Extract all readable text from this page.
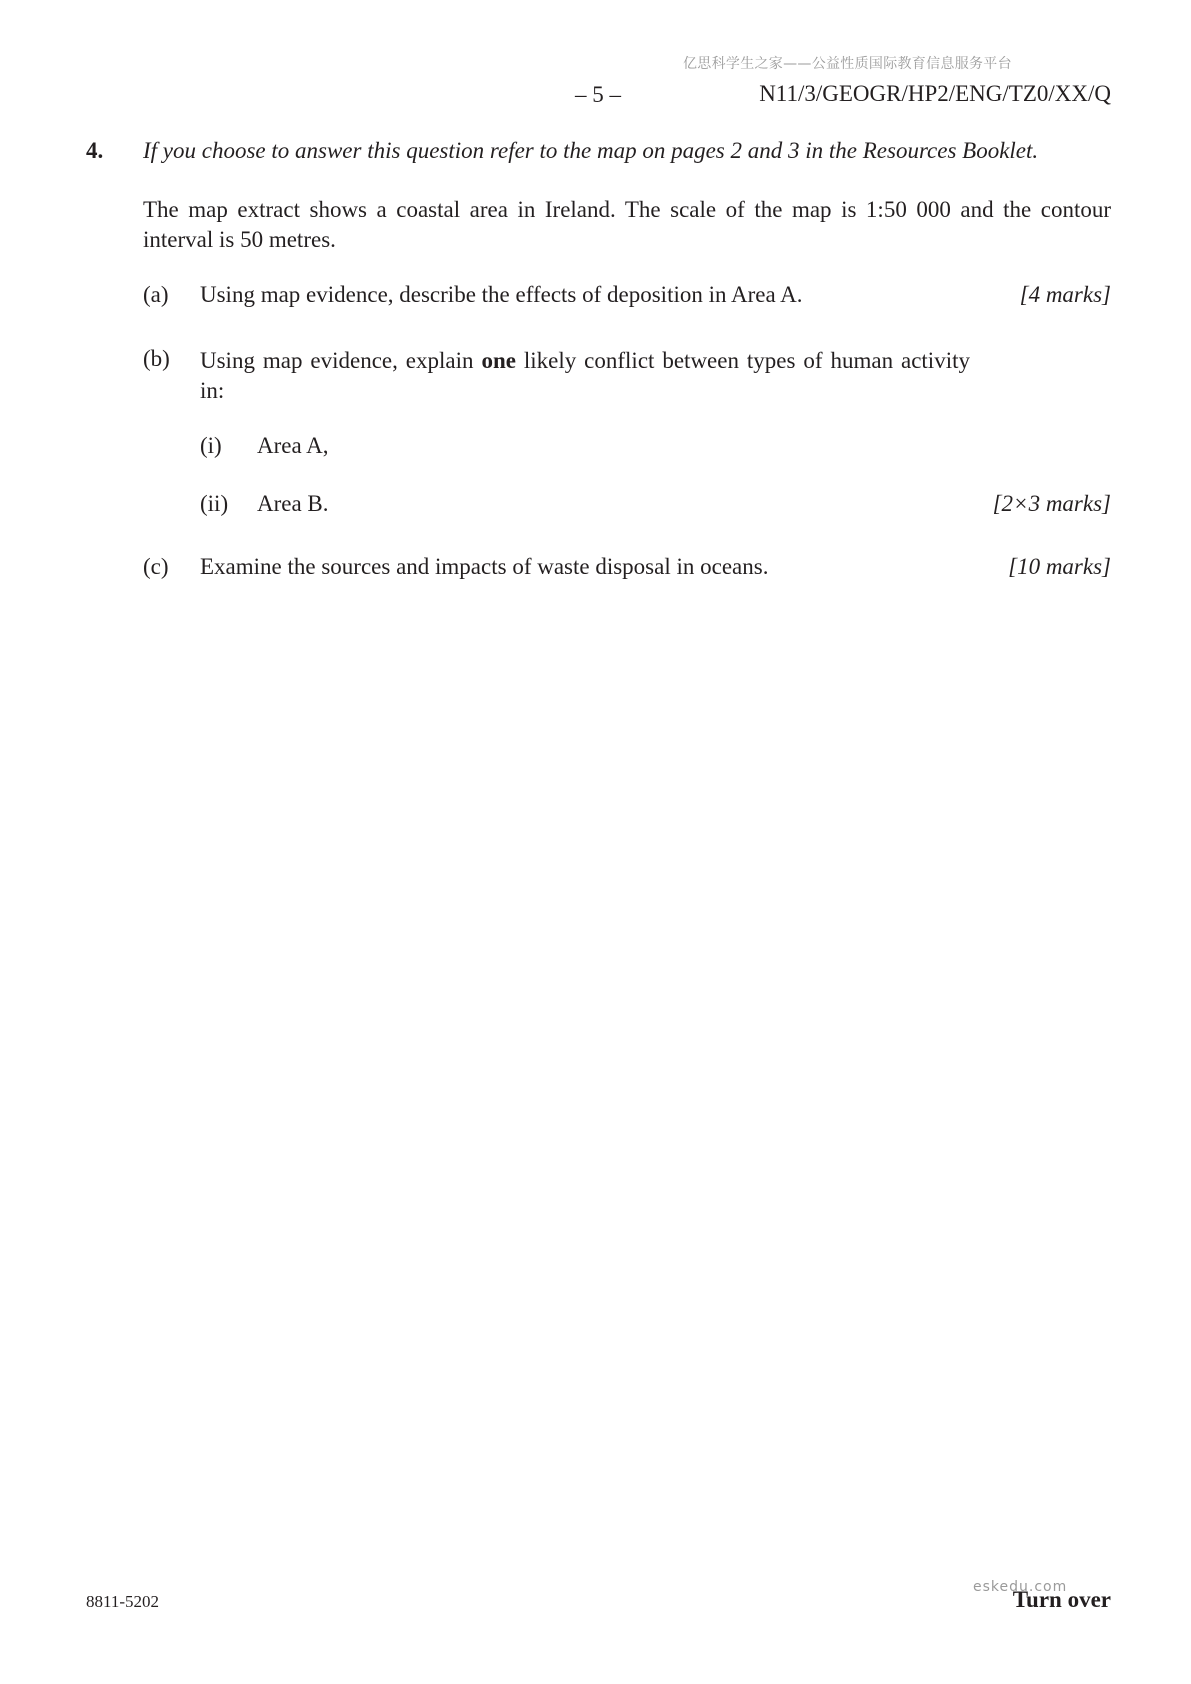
亿思科学生之家——公益性质国际教育信息服务平台
– 5 –	N11/3/GEOGR/HP2/ENG/TZ0/XX/Q
4. If you choose to answer this question refer to the map on pages 2 and 3 in the Resources Booklet.
The map extract shows a coastal area in Ireland. The scale of the map is 1:50 000 and the contour interval is 50 metres.
(a) Using map evidence, describe the effects of deposition in Area A.	[4 marks]
(b) Using map evidence, explain one likely conflict between types of human activity in:
(i) Area A,
(ii) Area B.	[2×3 marks]
(c) Examine the sources and impacts of waste disposal in oceans.	[10 marks]
8811-5202	Turn over
eskedu.com
